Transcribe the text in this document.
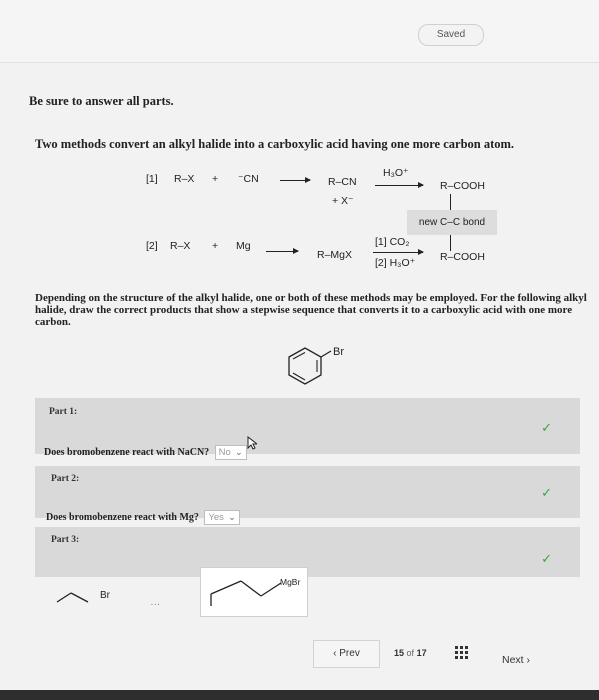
Saved
Be sure to answer all parts.
Two methods convert an alkyl halide into a carboxylic acid having one more carbon atom.
[1] R–X + ⁻CN → R–CN
+ X⁻
H₃O⁺
→ R–COOH
new C–C bond
[2] R–X + Mg → R–MgX
[1] CO₂
[2] H₃O⁺ R–COOH
Depending on the structure of the alkyl halide, one or both of these methods may be employed. For the following alkyl halide, draw the correct products that show a stepwise sequence that converts it to a carboxylic acid with one more carbon.
Br
Part 1:
✓
Does bromobenzene react with NaCN? No ⌄
Part 2:
✓
Does bromobenzene react with Mg? Yes ⌄
Part 3:
✓
Br
…
MgBr
‹ Prev	15 of 17
Next ›
